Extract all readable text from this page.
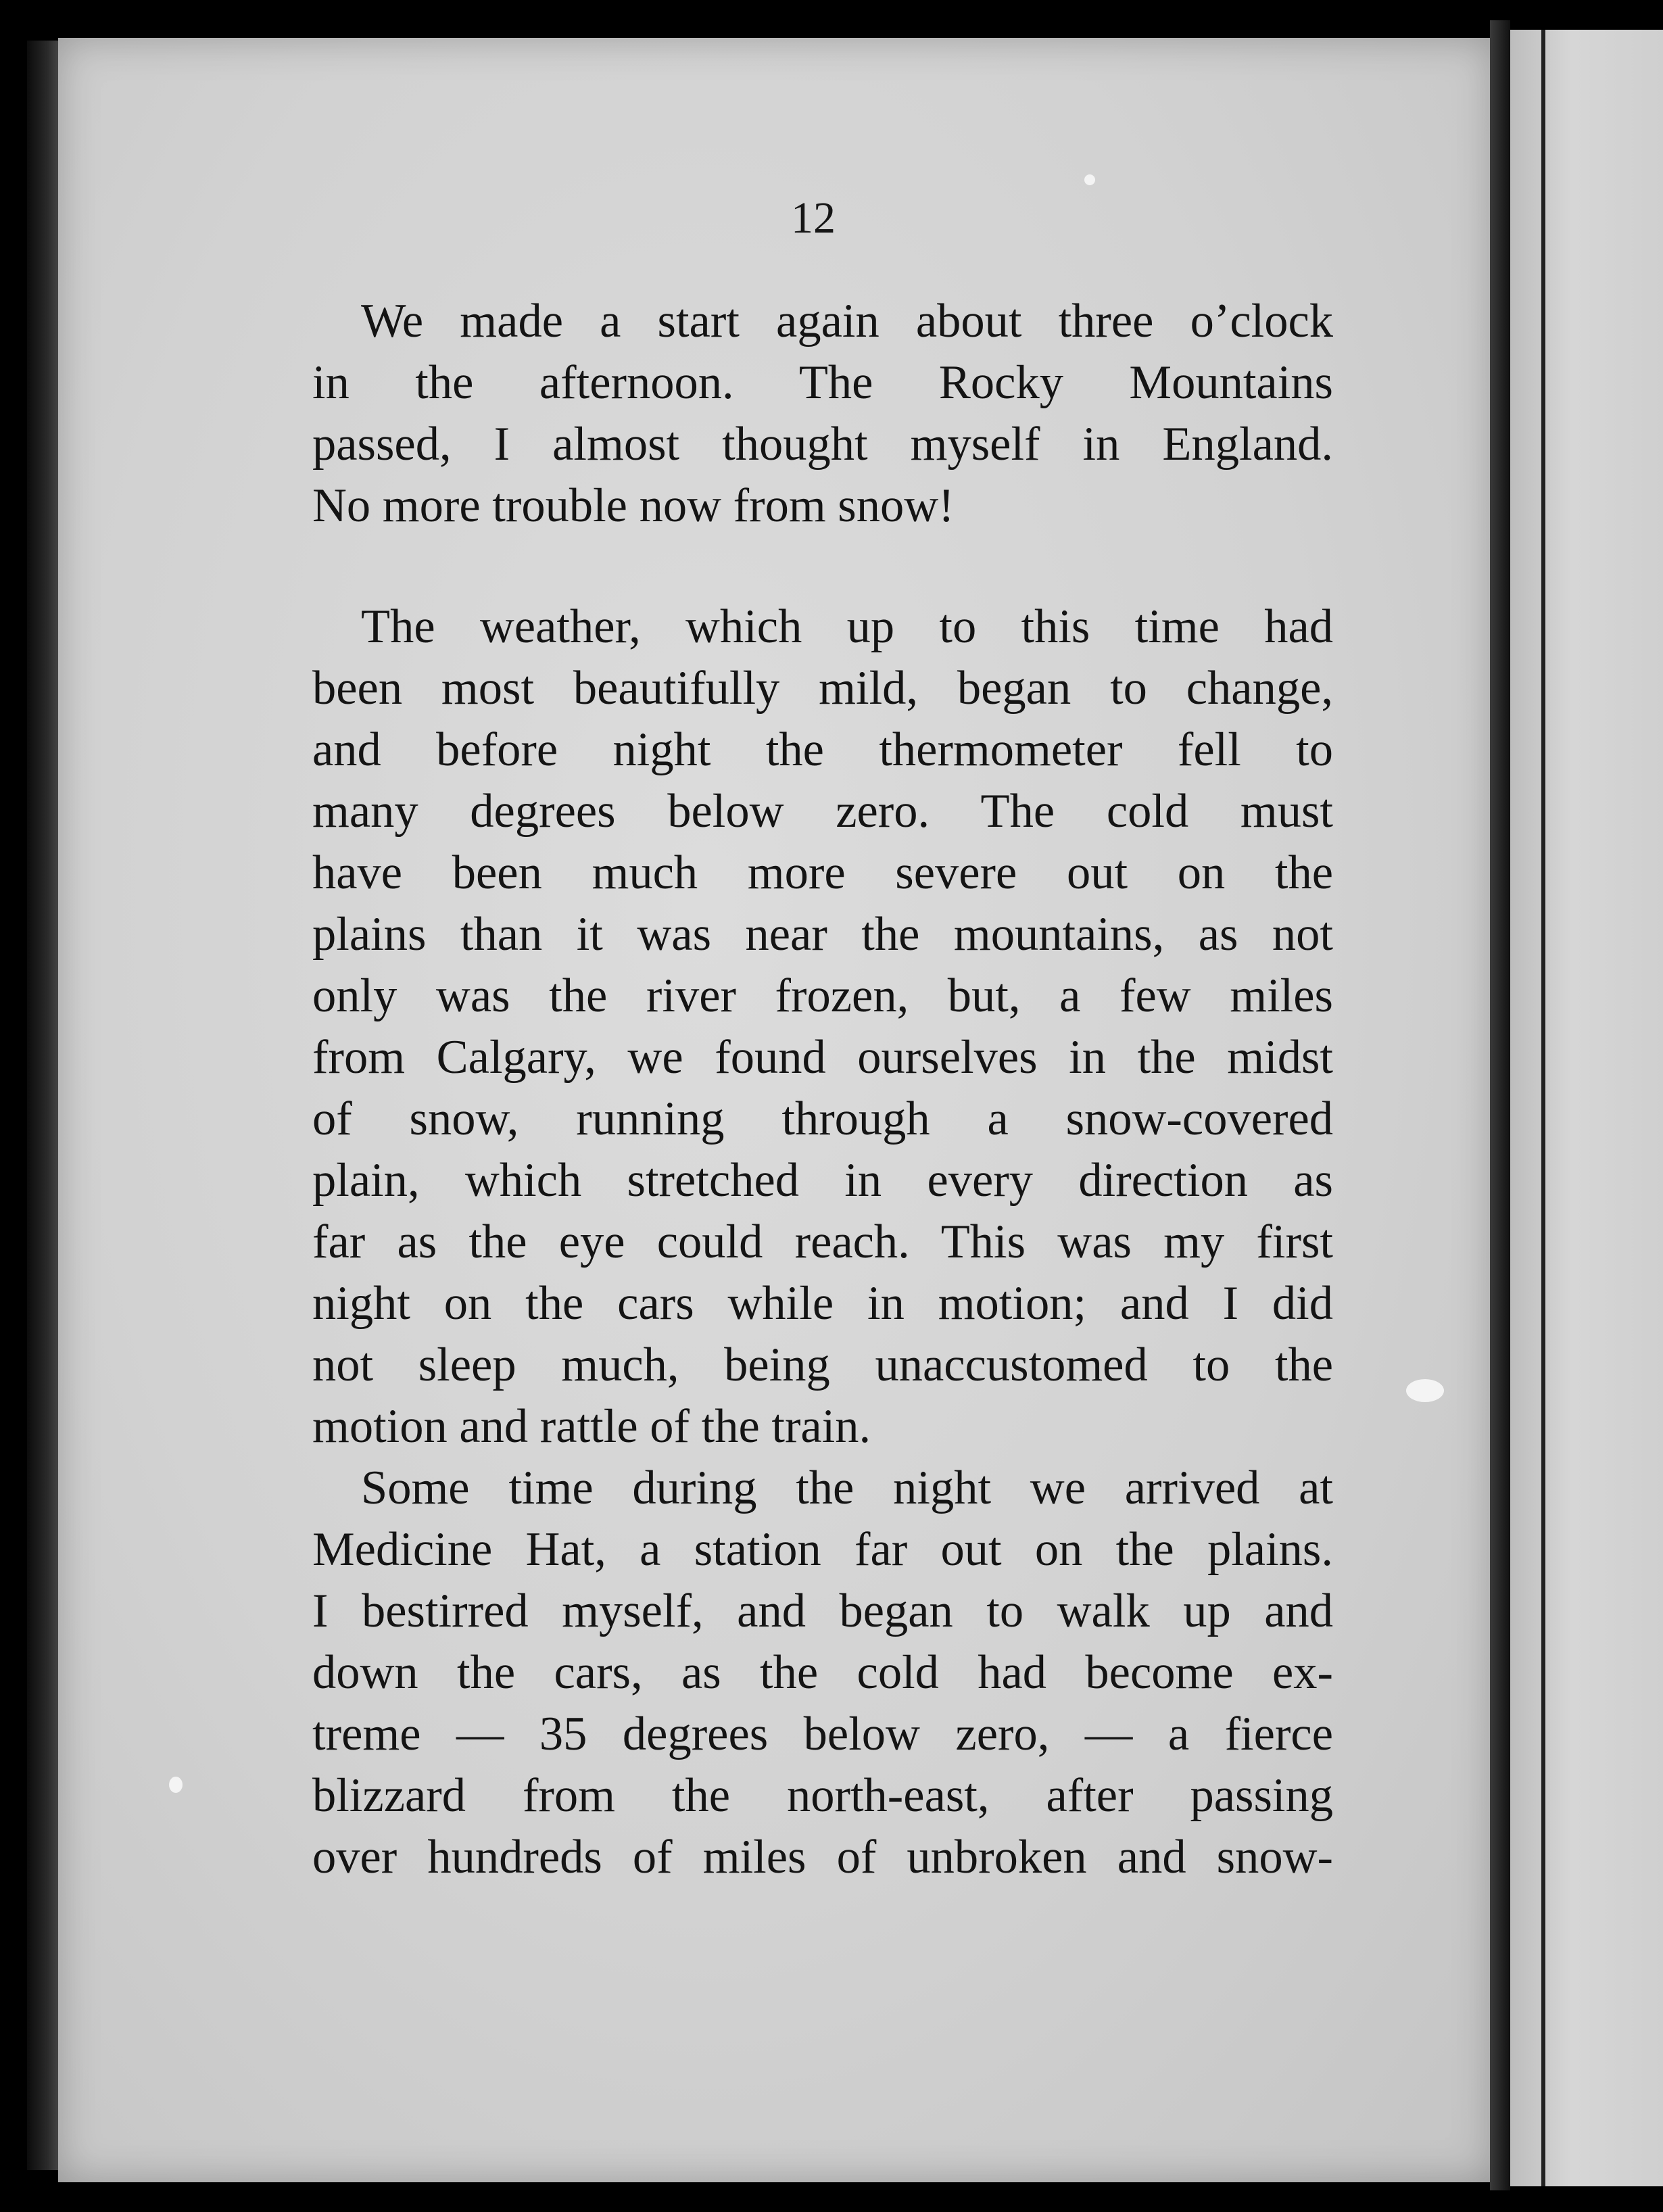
12
We made a start again about three o’clock
in the afternoon. The Rocky Mountains
passed, I almost thought myself in England.
No more trouble now from snow!
The weather, which up to this time had
been most beautifully mild, began to change,
and before night the thermometer fell to
many degrees below zero. The cold must
have been much more severe out on the
plains than it was near the mountains, as not
only was the river frozen, but, a few miles
from Calgary, we found ourselves in the midst
of snow, running through a snow-covered
plain, which stretched in every direction as
far as the eye could reach. This was my first
night on the cars while in motion; and I did
not sleep much, being unaccustomed to the
motion and rattle of the train.
Some time during the night we arrived at
Medicine Hat, a station far out on the plains.
I bestirred myself, and began to walk up and
down the cars, as the cold had become ex-
treme — 35 degrees below zero, — a fierce
blizzard from the north-east, after passing
over hundreds of miles of unbroken and snow-
